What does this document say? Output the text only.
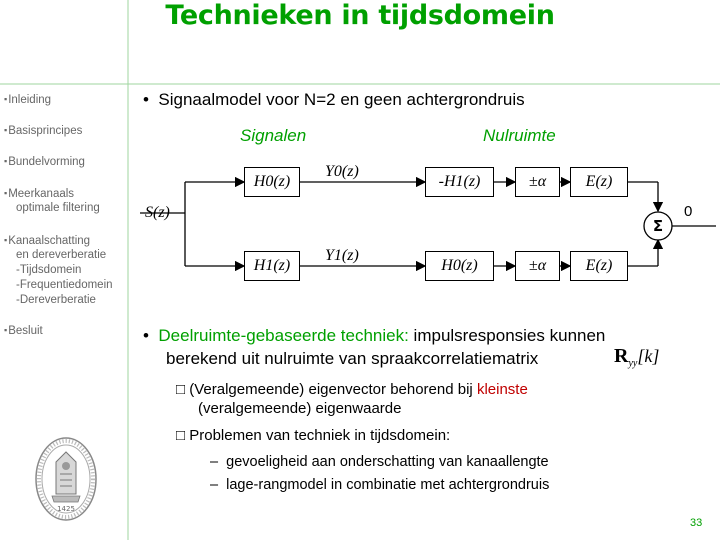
Technieken in tijdsdomein
▪Inleiding
▪Basisprincipes
▪Bundelvorming
▪Meerkanaals
optimale filtering
▪Kanaalschatting
en dereverberatie
-Tijdsdomein
-Frequentiedomein
-Dereverberatie
▪Besluit
1425
• Signaalmodel voor N=2 en geen achtergrondruis
Signalen	Nulruimte
S(z)
H0(z)
H1(z)
Y0(z)
Y1(z)
-H1(z)
H0(z)
±α
±α
E(z)
E(z)
Σ
0
• Deelruimte-gebaseerde techniek: impulsresponsies kunnen
berekend uit nulruimte van spraakcorrelatiematrix	$R_{yy}[k]$
□ (Veralgemeende) eigenvector behorend bij kleinste
(veralgemeende) eigenwaarde
□ Problemen van techniek in tijdsdomein:
– gevoeligheid aan onderschatting van kanaallengte
– lage-rangmodel in combinatie met achtergrondruis
33
